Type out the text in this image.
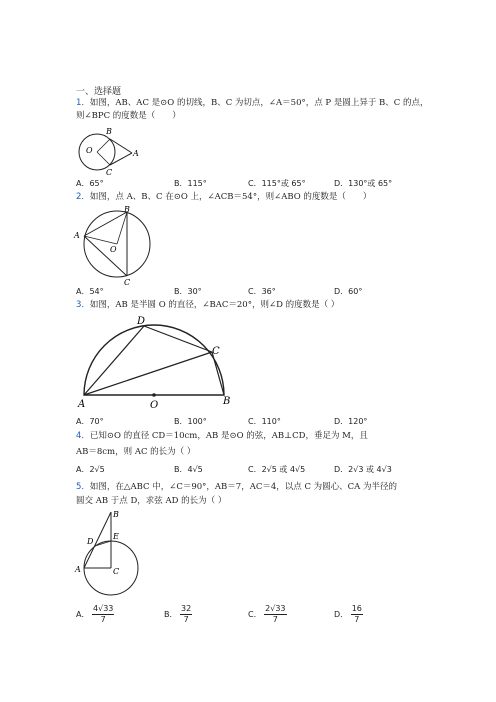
一、选择题
1．如图，AB、AC 是⊙O 的切线，B、C 为切点，∠A＝50°，点 P 是圆上异于 B、C 的点，
则∠BPC 的度数是（　　）
B
O	A
C
A．65°	B．115°	C．115°或 65°	D．130°或 65°
2．如图，点 A、B、C 在⊙O 上，∠ACB＝54°，则∠ABO 的度数是（　　）
B
A
O
C
A．54°	B．30°	C．36°	D．60°
3．如图，AB 是半圆 O 的直径，∠BAC＝20°，则∠D 的度数是（ ）
D
C
A	O	B
A．70°	B．100°	C．110°	D．120°
4．已知⊙O 的直径 CD＝10cm，AB 是⊙O 的弦，AB⊥CD，垂足为 M，且
AB＝8cm，则 AC 的长为（ ）
A．2√5	B．4√5	C．2√5 或 4√5	D．2√3 或 4√3
5．如图，在△ABC 中，∠C＝90°，AB＝7，AC＝4，以点 C 为圆心、CA 为半径的
圆交 AB 于点 D，求弦 AD 的长为（ ）
B
E
D
A	C
A． $\frac{4√33}{7}$	B． $\frac{32}{7}$	C． $\frac{2√33}{7}$	D． $\frac{16}{7}$
